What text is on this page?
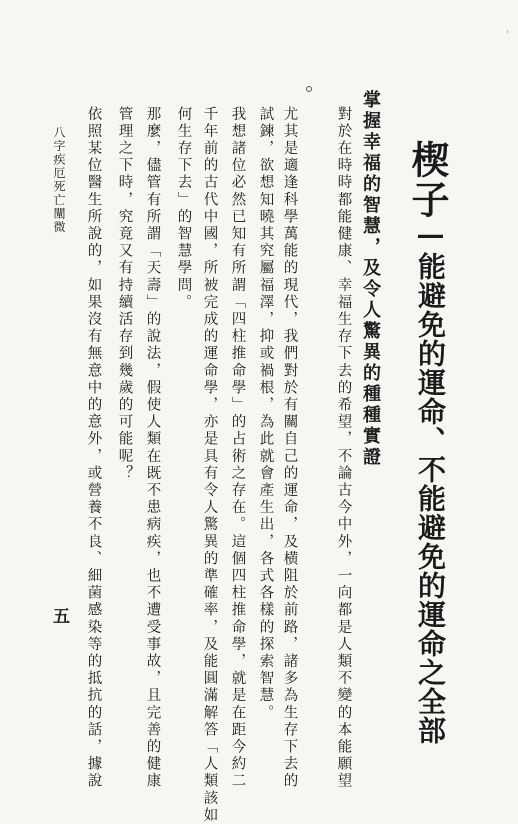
'
楔子
—能避免的運命、不能避免的運命之全部
掌握幸福的智慧，及令人驚異的種種實證

對於在時時都能健康、幸福生存下去的希望，不論古今中外，一向都是人類不變的本能願望

尤其是適逢科學萬能的現代，我們對於有關自己的運命，及横阻於前路，諸多為生存下去的

試鍊，欲想知曉其究屬福澤，抑或禍根，為此就會產生出，各式各樣的探索智慧。

我想諸位必然已知有所謂「四柱推命學」的占術之存在。這個四柱推命學，就是在距今約二

千年前的古代中國，所被完成的運命學，亦是具有令人驚異的準確率，及能圓滿解答「人類該如

何生存下去」的智慧學問。

那麼，儘管有所謂「天壽」的說法，假使人類在既不患病疾，也不遭受事故，且完善的健康

管理之下時，究竟又有持續活存到幾歲的可能呢？

依照某位醫生所說的，如果沒有無意中的意外，或營養不良、細菌感染等的抵抗的話，據說

八字疾厄死亡闡微
五
